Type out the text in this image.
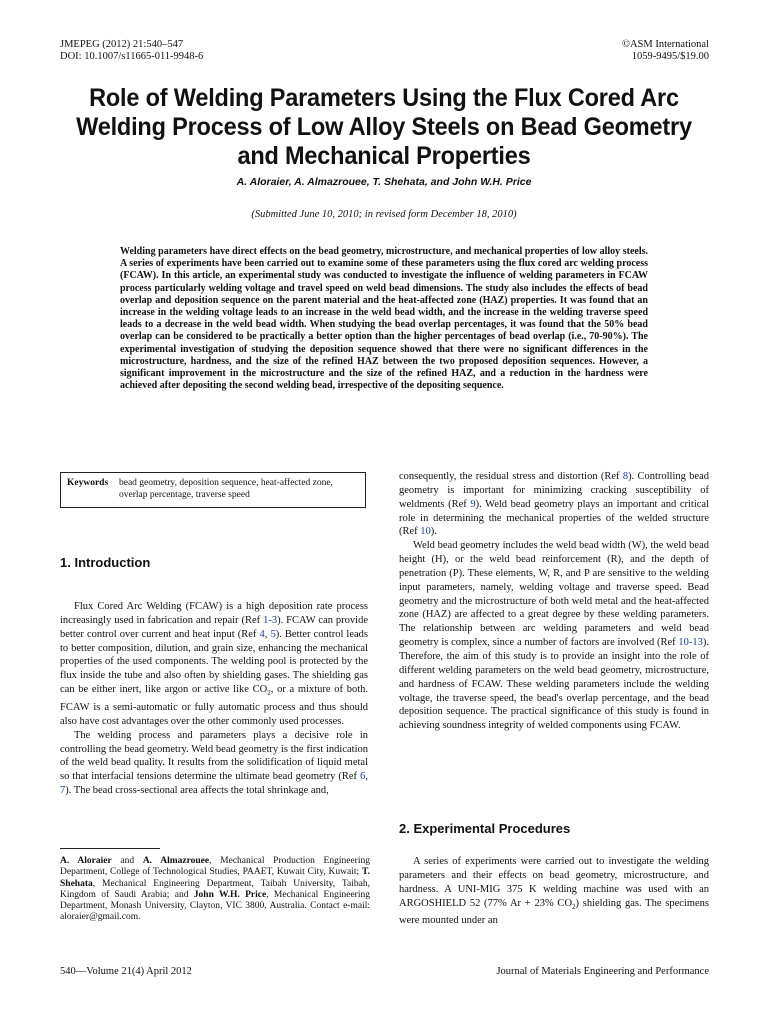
JMEPEG (2012) 21:540–547
DOI: 10.1007/s11665-011-9948-6
©ASM International
1059-9495/$19.00
Role of Welding Parameters Using the Flux Cored Arc
Welding Process of Low Alloy Steels on Bead Geometry
and Mechanical Properties
A. Aloraier, A. Almazrouee, T. Shehata, and John W.H. Price
(Submitted June 10, 2010; in revised form December 18, 2010)
Welding parameters have direct effects on the bead geometry, microstructure, and mechanical properties of low alloy steels. A series of experiments have been carried out to examine some of these parameters using the flux cored arc welding process (FCAW). In this article, an experimental study was conducted to investigate the influence of welding parameters in FCAW process particularly welding voltage and travel speed on weld bead dimensions. The study also includes the effects of bead overlap and deposition sequence on the parent material and the heat-affected zone (HAZ) properties. It was found that an increase in the welding voltage leads to an increase in the weld bead width, and the increase in the welding traverse speed leads to a decrease in the weld bead width. When studying the bead overlap percentages, it was found that the 50% bead overlap can be considered to be practically a better option than the higher percentages of bead overlap (i.e., 70-90%). The experimental investigation of studying the deposition sequence showed that there were no significant differences in the microstructure, hardness, and the size of the refined HAZ between the two proposed deposition sequences. However, a significant improvement in the microstructure and the size of the refined HAZ, and a reduction in the hardness were achieved after depositing the second welding bead, irrespective of the depositing sequence.
Keywords bead geometry, deposition sequence, heat-affected zone, overlap percentage, traverse speed
1. Introduction

Flux Cored Arc Welding (FCAW) is a high deposition rate process increasingly used in fabrication and repair (Ref 1-3). FCAW can provide better control over current and heat input (Ref 4, 5). Better control leads to better composition, dilution, and grain size, enhancing the mechanical properties of the used components. The welding pool is protected by the flux inside the tube and also often by shielding gases. The shielding gas can be either inert, like argon or active like $CO_2$, or a mixture of both. FCAW is a semi-automatic or fully automatic process and thus should also have cost advantages over the other commonly used processes.

The welding process and parameters plays a decisive role in controlling the bead geometry. Weld bead geometry is the first indication of the weld bead quality. It results from the solidification of liquid metal so that interfacial tensions determine the ultimate bead geometry (Ref 6, 7). The bead cross-sectional area affects the total shrinkage and,

A. Aloraier and A. Almazrouee, Mechanical Production Engineering Department, College of Technological Studies, PAAET, Kuwait City, Kuwait; T. Shehata, Mechanical Engineering Department, Taibah University, Taibah, Kingdom of Saudi Arabia; and John W.H. Price, Mechanical Engineering Department, Monash University, Clayton, VIC 3800, Australia. Contact e-mail: aloraier@gmail.com.

consequently, the residual stress and distortion (Ref 8). Controlling bead geometry is important for minimizing cracking susceptibility of weldments (Ref 9). Weld bead geometry plays an important and critical role in determining the mechanical properties of the welded structure (Ref 10).

Weld bead geometry includes the weld bead width (W), the weld bead height (H), or the weld bead reinforcement (R), and the depth of penetration (P). These elements, W, R, and P are sensitive to the welding input parameters, namely, welding voltage and traverse speed. Bead geometry and the microstructure of both weld metal and the heat-affected zone (HAZ) are affected to a great degree by these welding parameters. The relationship between arc welding parameters and weld bead geometry is complex, since a number of factors are involved (Ref 10-13). Therefore, the aim of this study is to provide an insight into the role of different welding parameters on the weld bead geometry, microstructure, and hardness of FCAW. These welding parameters include the welding voltage, the traverse speed, the bead's overlap percentage, and the bead deposition sequence. The practical significance of this study is found in achieving soundness integrity of welded components using FCAW.

2. Experimental Procedures

A series of experiments were carried out to investigate the welding parameters and their effects on bead geometry, microstructure, and hardness. A UNI-MIG 375 K welding machine was used with an ARGOSHIELD 52 (77% Ar + 23% $CO_2$) shielding gas. The specimens were mounted under an

540—Volume 21(4) April 2012	Journal of Materials Engineering and Performance
